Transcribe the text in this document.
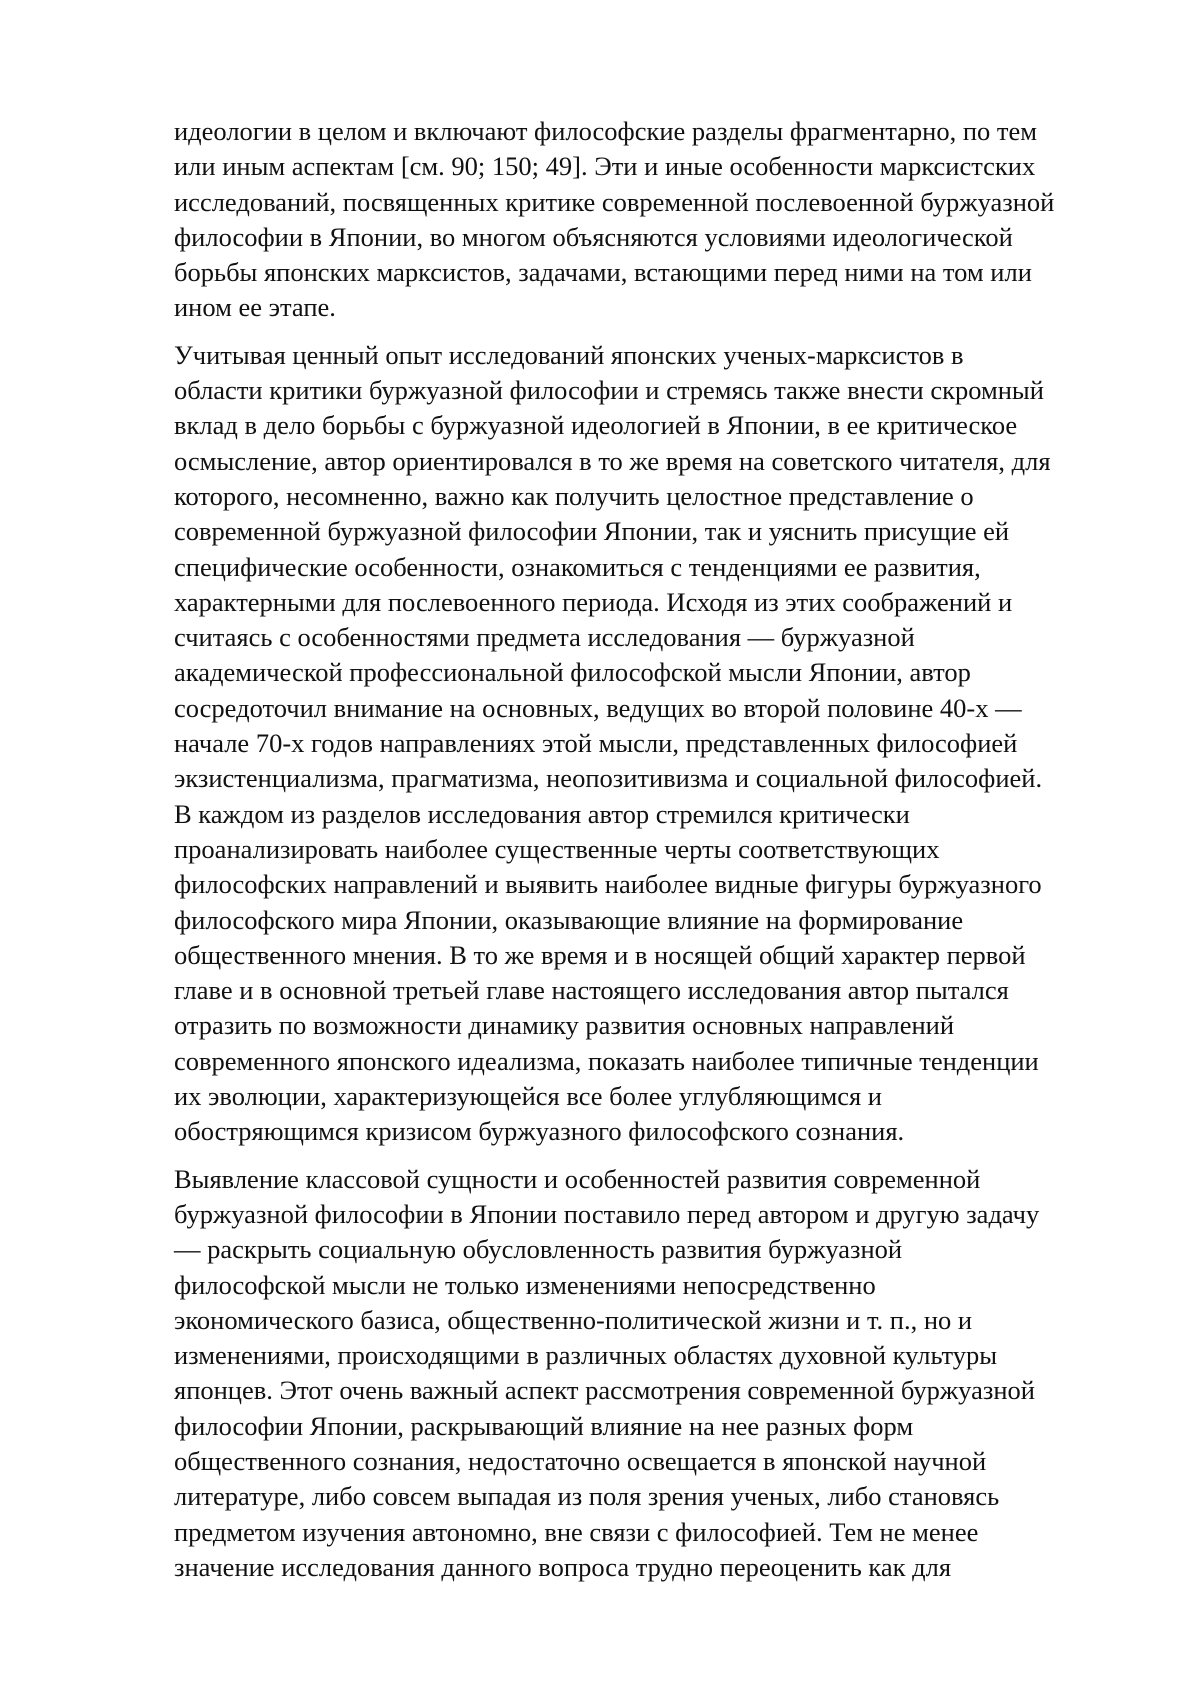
идеологии в целом и включают философские разделы фрагментарно, по тем
или иным аспектам [см. 90; 150; 49]. Эти и иные особенности марксистских
исследований, посвященных критике современной послевоенной буржуазной
философии в Японии, во многом объясняются условиями идеологической
борьбы японских марксистов, задачами, встающими перед ними на том или
ином ее этапе.

Учитывая ценный опыт исследований японских ученых-марксистов в
области критики буржуазной философии и стремясь также внести скромный
вклад в дело борьбы с буржуазной идеологией в Японии, в ее критическое
осмысление, автор ориентировался в то же время на советского читателя, для
которого, несомненно, важно как получить целостное представление о
современной буржуазной философии Японии, так и уяснить присущие ей
специфические особенности, ознакомиться с тенденциями ее развития,
характерными для послевоенного периода. Исходя из этих соображений и
считаясь с особенностями предмета исследования — буржуазной
академической профессиональной философской мысли Японии, автор
сосредоточил внимание на основных, ведущих во второй половине 40-х —
начале 70-х годов направлениях этой мысли, представленных философией
экзистенциализма, прагматизма, неопозитивизма и социальной философией.
В каждом из разделов исследования автор стремился критически
проанализировать наиболее существенные черты соответствующих
философских направлений и выявить наиболее видные фигуры буржуазного
философского мира Японии, оказывающие влияние на формирование
общественного мнения. В то же время и в носящей общий характер первой
главе и в основной третьей главе настоящего исследования автор пытался
отразить по возможности динамику развития основных направлений
современного японского идеализма, показать наиболее типичные тенденции
их эволюции, характеризующейся все более углубляющимся и
обостряющимся кризисом буржуазного философского сознания.

Выявление классовой сущности и особенностей развития современной
буржуазной философии в Японии поставило перед автором и другую задачу
— раскрыть социальную обусловленность развития буржуазной
философской мысли не только изменениями непосредственно
экономического базиса, общественно-политической жизни и т. п., но и
изменениями, происходящими в различных областях духовной культуры
японцев. Этот очень важный аспект рассмотрения современной буржуазной
философии Японии, раскрывающий влияние на нее разных форм
общественного сознания, недостаточно освещается в японской научной
литературе, либо совсем выпадая из поля зрения ученых, либо становясь
предметом изучения автономно, вне связи с философией. Тем не менее
значение исследования данного вопроса трудно переоценить как для
